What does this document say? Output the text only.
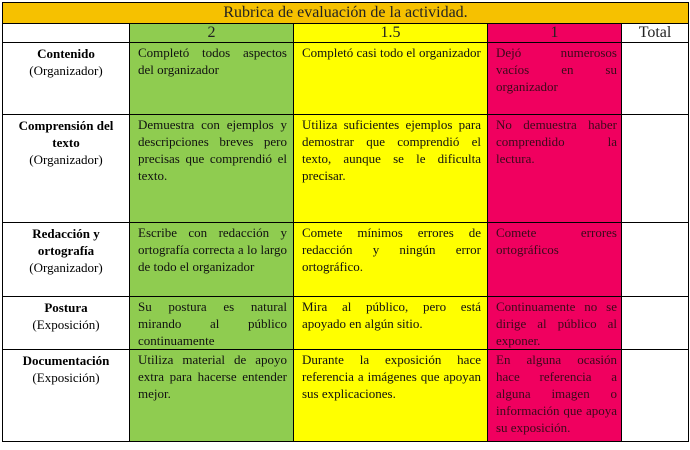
Rubrica de evaluación de la actividad.				
	2	1.5	1	Total

Contenido
(Organizador)	Completó todos aspectos del organizador	Completó casi todo el organizador	Dejó numerosos vacíos en su organizador	

Comprensión del texto
(Organizador)	Demuestra con ejemplos y descripciones breves pero precisas que comprendió el texto.	Utiliza suficientes ejemplos para demostrar que comprendió el texto, aunque se le dificulta precisar.	No demuestra haber comprendido la lectura.	

Redacción y ortografía
(Organizador)	Escribe con redacción y ortografía correcta a lo largo de todo el organizador	Comete mínimos errores de redacción y ningún error ortográfico.	Comete errores ortográficos	

Postura
(Exposición)	Su postura es natural mirando al público continuamente	Mira al público, pero está apoyado en algún sitio.	Continuamente no se dirige al público al exponer.	

Documentación
(Exposición)	Utiliza material de apoyo extra para hacerse entender mejor.	Durante la exposición hace referencia a imágenes que apoyan sus explicaciones.	En alguna ocasión hace referencia a alguna imagen o información que apoya su exposición.	
